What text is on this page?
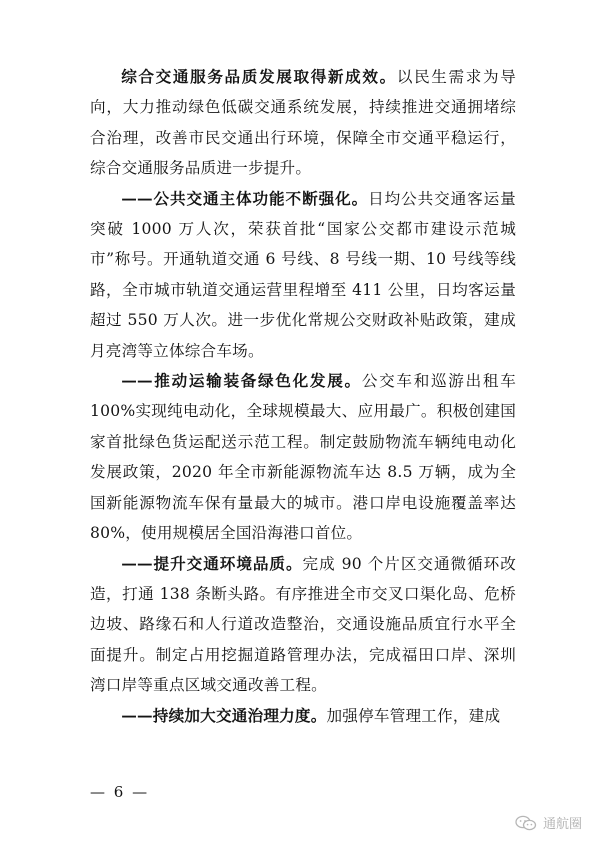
综合交通服务品质发展取得新成效。以民生需求为导向，大力推动绿色低碳交通系统发展，持续推进交通拥堵综合治理，改善市民交通出行环境，保障全市交通平稳运行，综合交通服务品质进一步提升。

——公共交通主体功能不断强化。日均公共交通客运量突破 1000 万人次，荣获首批“国家公交都市建设示范城市”称号。开通轨道交通 6 号线、8 号线一期、10 号线等线路，全市城市轨道交通运营里程增至 411 公里，日均客运量超过 550 万人次。进一步优化常规公交财政补贴政策，建成月亮湾等立体综合车场。

——推动运输装备绿色化发展。公交车和巡游出租车 100%实现纯电动化，全球规模最大、应用最广。积极创建国家首批绿色货运配送示范工程。制定鼓励物流车辆纯电动化发展政策，2020 年全市新能源物流车达 8.5 万辆，成为全国新能源物流车保有量最大的城市。港口岸电设施覆盖率达 80%，使用规模居全国沿海港口首位。

——提升交通环境品质。完成 90 个片区交通微循环改造，打通 138 条断头路。有序推进全市交叉口渠化岛、危桥边坡、路缘石和人行道改造整治，交通设施品质宜行水平全面提升。制定占用挖掘道路管理办法，完成福田口岸、深圳湾口岸等重点区域交通改善工程。

——持续加大交通治理力度。加强停车管理工作，建成

— 6 —
通航圈
